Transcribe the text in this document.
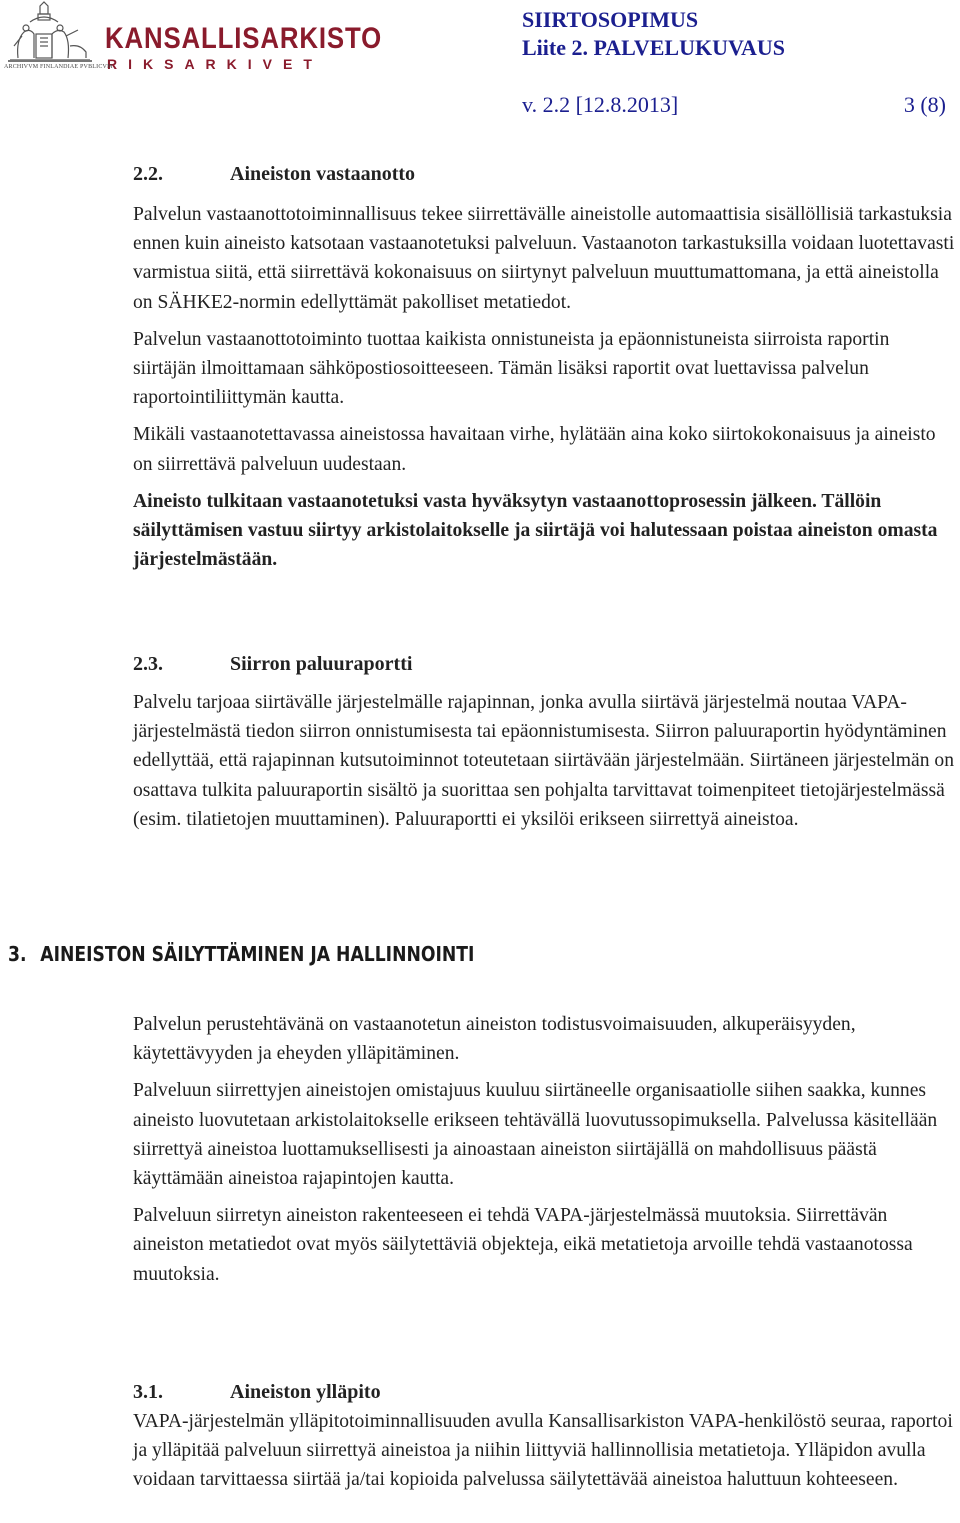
KANSALLISARKISTO
RIKSARKIVET
ARCHIVVM FINLANDIAE PVBLICVM
SIIRTOSOPIMUS
Liite 2. PALVELUKUVAUS
v. 2.2 [12.8.2013]	3 (8)
2.2.	Aineiston vastaanotto

Palvelun vastaanottotoiminnallisuus tekee siirrettävälle aineistolle automaattisia sisällöllisiä tarkastuksia ennen kuin aineisto katsotaan vastaanotetuksi palveluun. Vastaanoton tarkastuksilla voidaan luotettavasti varmistua siitä, että siirrettävä kokonaisuus on siirtynyt palveluun muuttumattomana, ja että aineistolla on SÄHKE2-normin edellyttämät pakolliset metatiedot.

Palvelun vastaanottotoiminto tuottaa kaikista onnistuneista ja epäonnistuneista siirroista raportin siirtäjän ilmoittamaan sähköpostiosoitteeseen. Tämän lisäksi raportit ovat luettavissa palvelun raportointiliittymän kautta.

Mikäli vastaanotettavassa aineistossa havaitaan virhe, hylätään aina koko siirtokokonaisuus ja aineisto on siirrettävä palveluun uudestaan.

Aineisto tulkitaan vastaanotetuksi vasta hyväksytyn vastaanottoprosessin jälkeen. Tällöin säilyttämisen vastuu siirtyy arkistolaitokselle ja siirtäjä voi halutessaan poistaa aineiston omasta järjestelmästään.

2.3.	Siirron paluuraportti

Palvelu tarjoaa siirtävälle järjestelmälle rajapinnan, jonka avulla siirtävä järjestelmä noutaa VAPA-järjestelmästä tiedon siirron onnistumisesta tai epäonnistumisesta. Siirron paluuraportin hyödyntäminen edellyttää, että rajapinnan kutsutoiminnot toteutetaan siirtävään järjestelmään. Siirtäneen järjestelmän on osattava tulkita paluuraportin sisältö ja suorittaa sen pohjalta tarvittavat toimenpiteet tietojärjestelmässä (esim. tilatietojen muuttaminen). Paluuraportti ei yksilöi erikseen siirrettyä aineistoa.

3. AINEISTON SÄILYTTÄMINEN JA HALLINNOINTI

Palvelun perustehtävänä on vastaanotetun aineiston todistusvoimaisuuden, alkuperäisyyden, käytettävyyden ja eheyden ylläpitäminen.

Palveluun siirrettyjen aineistojen omistajuus kuuluu siirtäneelle organisaatiolle siihen saakka, kunnes aineisto luovutetaan arkistolaitokselle erikseen tehtävällä luovutussopimuksella. Palvelussa käsitellään siirrettyä aineistoa luottamuksellisesti ja ainoastaan aineiston siirtäjällä on mahdollisuus päästä käyttämään aineistoa rajapintojen kautta.

Palveluun siirretyn aineiston rakenteeseen ei tehdä VAPA-järjestelmässä muutoksia. Siirrettävän aineiston metatiedot ovat myös säilytettäviä objekteja, eikä metatietoja arvoille tehdä vastaanotossa muutoksia.

3.1.	Aineiston ylläpito

VAPA-järjestelmän ylläpitotoiminnallisuuden avulla Kansallisarkiston VAPA-henkilöstö seuraa, raportoi ja ylläpitää palveluun siirrettyä aineistoa ja niihin liittyviä hallinnollisia metatietoja. Ylläpidon avulla voidaan tarvittaessa siirtää ja/tai kopioida palvelussa säilytettävää aineistoa haluttuun kohteeseen.
